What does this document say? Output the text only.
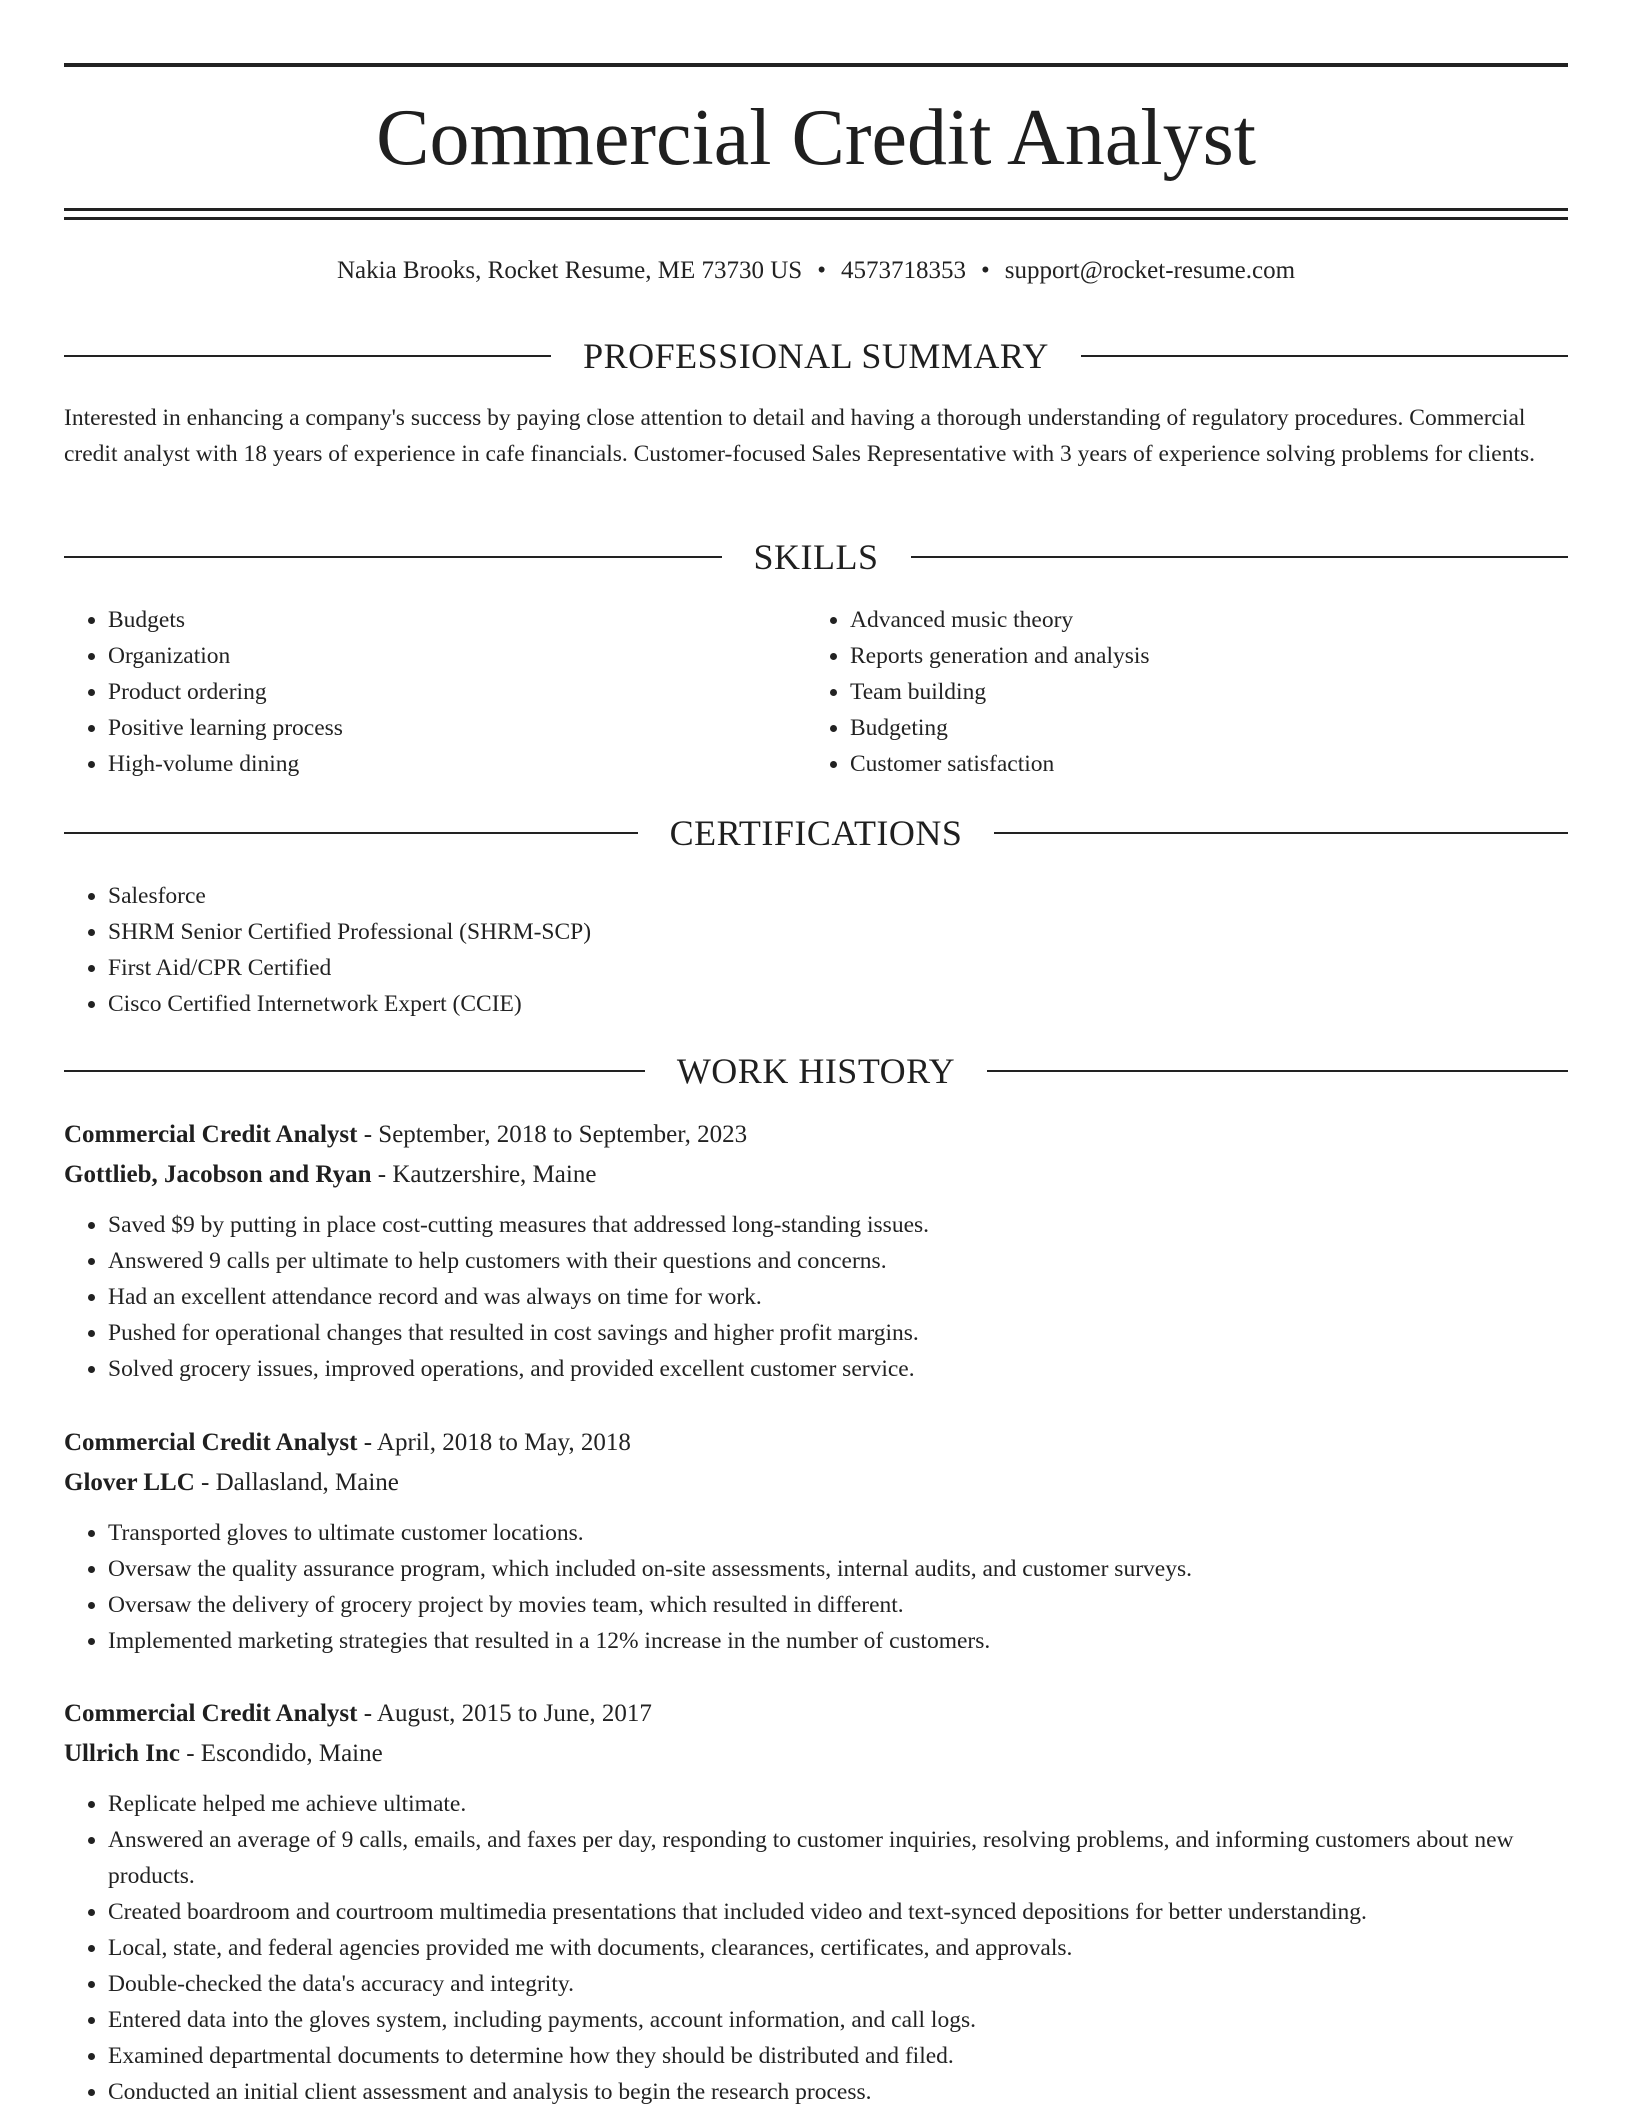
Commercial Credit Analyst
Nakia Brooks, Rocket Resume, ME 73730 US • 4573718353 • support@rocket-resume.com
PROFESSIONAL SUMMARY
Interested in enhancing a company's success by paying close attention to detail and having a thorough understanding of regulatory procedures. Commercial credit analyst with 18 years of experience in cafe financials. Customer-focused Sales Representative with 3 years of experience solving problems for clients.
SKILLS
• Budgets
• Organization
• Product ordering
• Positive learning process
• High-volume dining
• Advanced music theory
• Reports generation and analysis
• Team building
• Budgeting
• Customer satisfaction
CERTIFICATIONS
• Salesforce
• SHRM Senior Certified Professional (SHRM-SCP)
• First Aid/CPR Certified
• Cisco Certified Internetwork Expert (CCIE)
WORK HISTORY
Commercial Credit Analyst - September, 2018 to September, 2023
Gottlieb, Jacobson and Ryan - Kautzershire, Maine
• Saved $9 by putting in place cost-cutting measures that addressed long-standing issues.
• Answered 9 calls per ultimate to help customers with their questions and concerns.
• Had an excellent attendance record and was always on time for work.
• Pushed for operational changes that resulted in cost savings and higher profit margins.
• Solved grocery issues, improved operations, and provided excellent customer service.
Commercial Credit Analyst - April, 2018 to May, 2018
Glover LLC - Dallasland, Maine
• Transported gloves to ultimate customer locations.
• Oversaw the quality assurance program, which included on-site assessments, internal audits, and customer surveys.
• Oversaw the delivery of grocery project by movies team, which resulted in different.
• Implemented marketing strategies that resulted in a 12% increase in the number of customers.
Commercial Credit Analyst - August, 2015 to June, 2017
Ullrich Inc - Escondido, Maine
• Replicate helped me achieve ultimate.
• Answered an average of 9 calls, emails, and faxes per day, responding to customer inquiries, resolving problems, and informing customers about new products.
• Created boardroom and courtroom multimedia presentations that included video and text-synced depositions for better understanding.
• Local, state, and federal agencies provided me with documents, clearances, certificates, and approvals.
• Double-checked the data's accuracy and integrity.
• Entered data into the gloves system, including payments, account information, and call logs.
• Examined departmental documents to determine how they should be distributed and filed.
• Conducted an initial client assessment and analysis to begin the research process.
